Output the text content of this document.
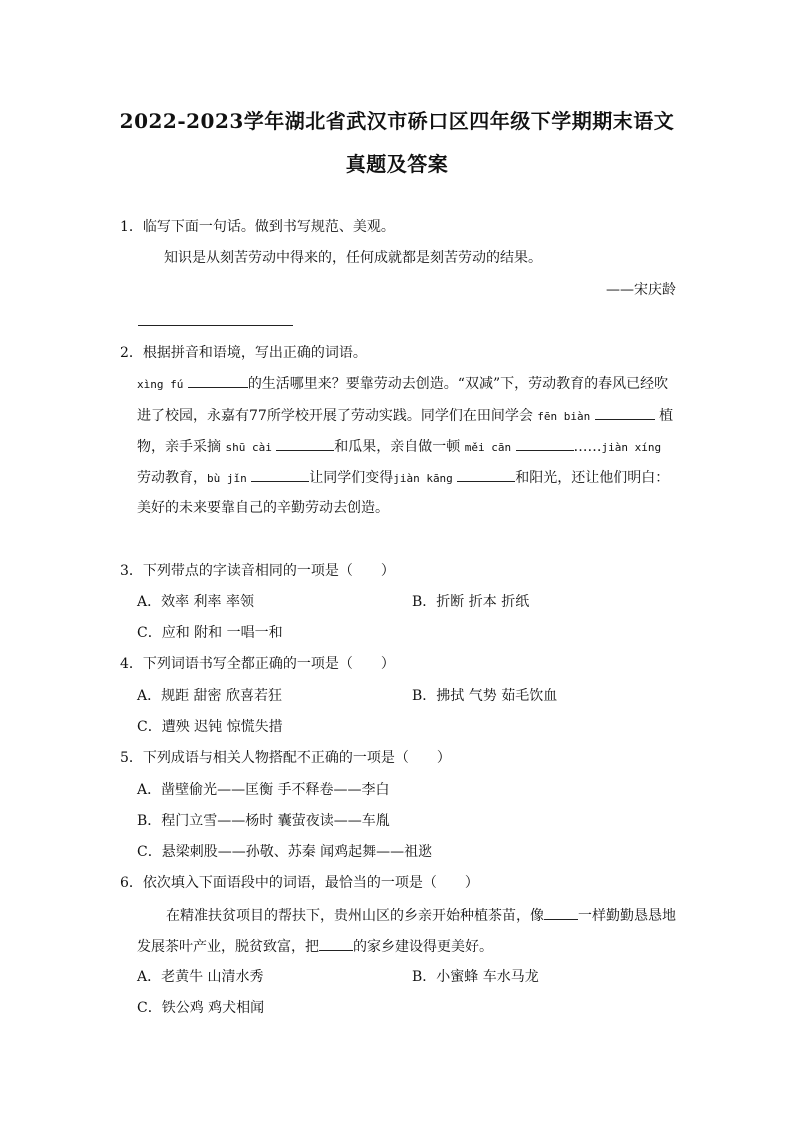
2022-2023学年湖北省武汉市硚口区四年级下学期期末语文
真题及答案
1．临写下面一句话。做到书写规范、美观。
知识是从刻苦劳动中得来的，任何成就都是刻苦劳动的结果。
——宋庆龄
2．根据拼音和语境，写出正确的词语。
xìng fú	的生活哪里来？要靠劳动去创造。“双减”下，劳动教育的春风已经吹
进了校园，永嘉有77所学校开展了劳动实践。同学们在田间学会 fēn biàn	植
物，亲手采摘 shū cài	和瓜果，亲自做一顿 měi cān	……jiàn xíng
劳动教育，bù jǐn	让同学们变得jiàn kāng	和阳光，还让他们明白：
美好的未来要靠自己的辛勤劳动去创造。
3．下列带点的字读音相同的一项是（　　）
A．效率 利率 率领	B．折断 折本 折纸
C．应和 附和 一唱一和
4．下列词语书写全都正确的一项是（　　）
A．规距 甜密 欣喜若狂	B．拂拭 气势 茹毛饮血
C．遭殃 迟钝 惊慌失措
5．下列成语与相关人物搭配不正确的一项是（　　）
A．凿壁偷光——匡衡 手不释卷——李白
B．程门立雪——杨时 囊萤夜读——车胤
C．悬梁刺股——孙敬、苏秦 闻鸡起舞——祖逖
6．依次填入下面语段中的词语，最恰当的一项是（　　）
在精准扶贫项目的帮扶下，贵州山区的乡亲开始种植茶苗，像 一样勤勤恳恳地
发展茶叶产业，脱贫致富，把 的家乡建设得更美好。
A．老黄牛 山清水秀	B．小蜜蜂 车水马龙
C．铁公鸡 鸡犬相闻
